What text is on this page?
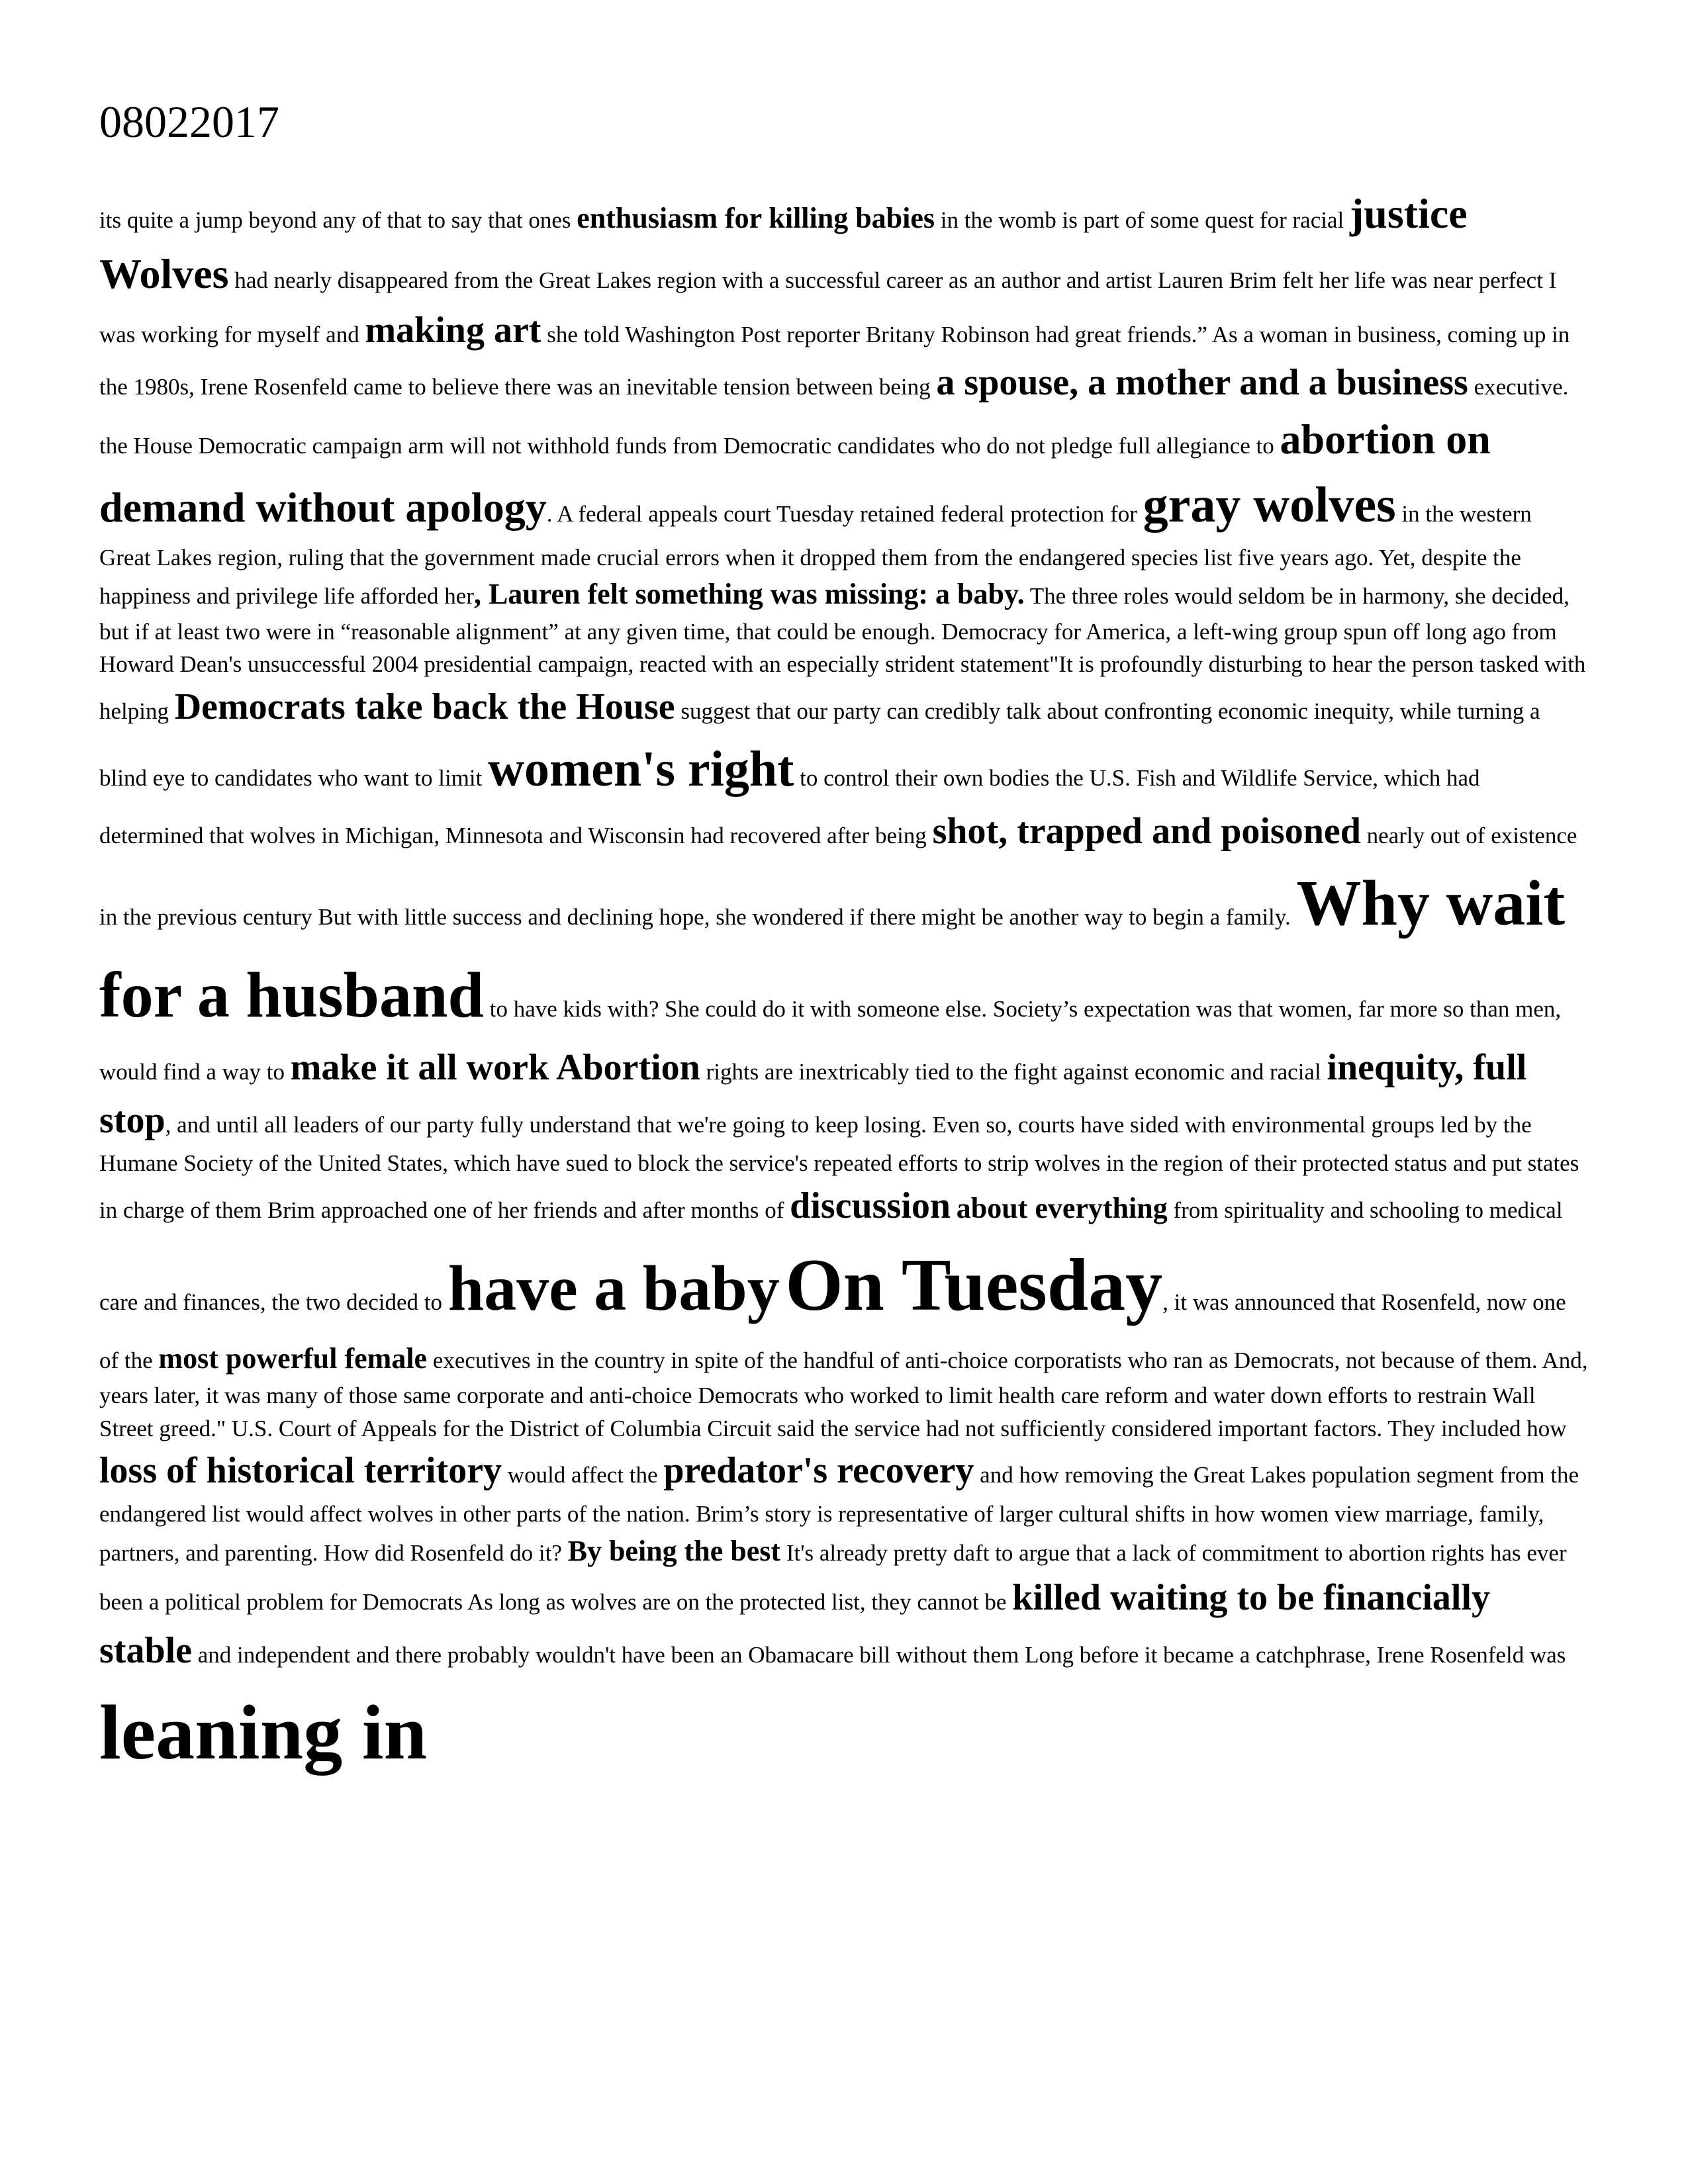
08022017

its quite a jump beyond any of that to say that ones enthusiasm for killing babies in the womb is part of some quest for racial justice Wolves had nearly disappeared from the Great Lakes region with a successful career as an author and artist Lauren Brim felt her life was near perfect I was working for myself and making art she told Washington Post reporter Britany Robinson had great friends.” As a woman in business, coming up in the 1980s, Irene Rosenfeld came to believe there was an inevitable tension between being a spouse, a mother and a business executive. the House Democratic campaign arm will not withhold funds from Democratic candidates who do not pledge full allegiance to abortion on demand without apology. A federal appeals court Tuesday retained federal protection for gray wolves in the western Great Lakes region, ruling that the government made crucial errors when it dropped them from the endangered species list five years ago. Yet, despite the happiness and privilege life afforded her, Lauren felt something was missing: a baby. The three roles would seldom be in harmony, she decided, but if at least two were in “reasonable alignment” at any given time, that could be enough. Democracy for America, a left-wing group spun off long ago from Howard Dean's unsuccessful 2004 presidential campaign, reacted with an especially strident statement"It is profoundly disturbing to hear the person tasked with helping Democrats take back the House suggest that our party can credibly talk about confronting economic inequity, while turning a blind eye to candidates who want to limit women's right to control their own bodies the U.S. Fish and Wildlife Service, which had determined that wolves in Michigan, Minnesota and Wisconsin had recovered after being shot, trapped and poisoned nearly out of existence in the previous century But with little success and declining hope, she wondered if there might be another way to begin a family. Why wait for a husband to have kids with? She could do it with someone else. Society’s expectation was that women, far more so than men, would find a way to make it all work Abortion rights are inextricably tied to the fight against economic and racial inequity, full stop, and until all leaders of our party fully understand that we're going to keep losing. Even so, courts have sided with environmental groups led by the Humane Society of the United States, which have sued to block the service's repeated efforts to strip wolves in the region of their protected status and put states in charge of them Brim approached one of her friends and after months of discussion about everything from spirituality and schooling to medical care and finances, the two decided to have a baby On Tuesday, it was announced that Rosenfeld, now one of the most powerful female executives in the country in spite of the handful of anti-choice corporatists who ran as Democrats, not because of them. And, years later, it was many of those same corporate and anti-choice Democrats who worked to limit health care reform and water down efforts to restrain Wall Street greed." U.S. Court of Appeals for the District of Columbia Circuit said the service had not sufficiently considered important factors. They included how loss of historical territory would affect the predator's recovery and how removing the Great Lakes population segment from the endangered list would affect wolves in other parts of the nation. Brim’s story is representative of larger cultural shifts in how women view marriage, family, partners, and parenting. How did Rosenfeld do it? By being the best It's already pretty daft to argue that a lack of commitment to abortion rights has ever been a political problem for Democrats As long as wolves are on the protected list, they cannot be killed waiting to be financially stable and independent and there probably wouldn't have been an Obamacare bill without them Long before it became a catchphrase, Irene Rosenfeld was leaning in
